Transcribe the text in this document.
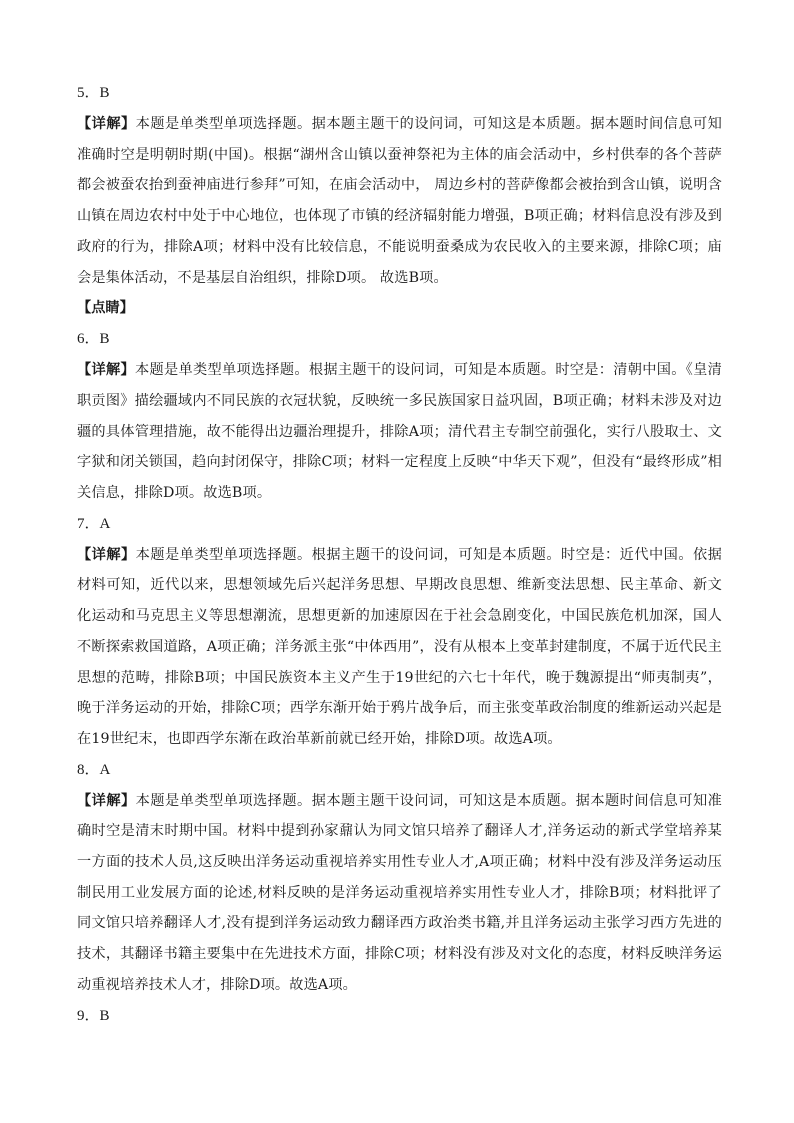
5．B

【详解】本题是单类型单项选择题。据本题主题干的设问词，可知这是本质题。据本题时间信息可知准确时空是明朝时期(中国)。根据“湖州含山镇以蚕神祭祀为主体的庙会活动中，乡村供奉的各个菩萨都会被蚕农抬到蚕神庙进行参拜”可知，在庙会活动中， 周边乡村的菩萨像都会被抬到含山镇，说明含山镇在周边农村中处于中心地位，也体现了市镇的经济辐射能力增强，B项正确；材料信息没有涉及到政府的行为，排除A项；材料中没有比较信息，不能说明蚕桑成为农民收入的主要来源，排除C项；庙会是集体活动，不是基层自治组织，排除D项。 故选B项。

【点睛】

6．B

【详解】本题是单类型单项选择题。根据主题干的设问词，可知是本质题。时空是：清朝中国。《皇清职贡图》描绘疆域内不同民族的衣冠状貌，反映统一多民族国家日益巩固，B项正确；材料未涉及对边疆的具体管理措施，故不能得出边疆治理提升，排除A项；清代君主专制空前强化，实行八股取士、文字狱和闭关锁国，趋向封闭保守，排除C项；材料一定程度上反映“中华天下观”，但没有“最终形成”相关信息，排除D项。故选B项。

7．A

【详解】本题是单类型单项选择题。根据主题干的设问词，可知是本质题。时空是：近代中国。依据材料可知，近代以来，思想领域先后兴起洋务思想、早期改良思想、维新变法思想、民主革命、新文化运动和马克思主义等思想潮流，思想更新的加速原因在于社会急剧变化，中国民族危机加深，国人不断探索救国道路，A项正确；洋务派主张“中体西用”，没有从根本上变革封建制度，不属于近代民主思想的范畴，排除B项；中国民族资本主义产生于19世纪的六七十年代，晚于魏源提出“师夷制夷”，晚于洋务运动的开始，排除C项；西学东渐开始于鸦片战争后，而主张变革政治制度的维新运动兴起是在19世纪末，也即西学东渐在政治革新前就已经开始，排除D项。故选A项。

8．A

【详解】本题是单类型单项选择题。据本题主题干设问词，可知这是本质题。据本题时间信息可知准确时空是清末时期中国。材料中提到孙家鼐认为同文馆只培养了翻译人才,洋务运动的新式学堂培养某一方面的技术人员,这反映出洋务运动重视培养实用性专业人才,A项正确；材料中没有涉及洋务运动压制民用工业发展方面的论述,材料反映的是洋务运动重视培养实用性专业人才，排除B项；材料批评了同文馆只培养翻译人才,没有提到洋务运动致力翻译西方政治类书籍,并且洋务运动主张学习西方先进的技术，其翻译书籍主要集中在先进技术方面，排除C项；材料没有涉及对文化的态度，材料反映洋务运动重视培养技术人才，排除D项。故选A项。

9．B
